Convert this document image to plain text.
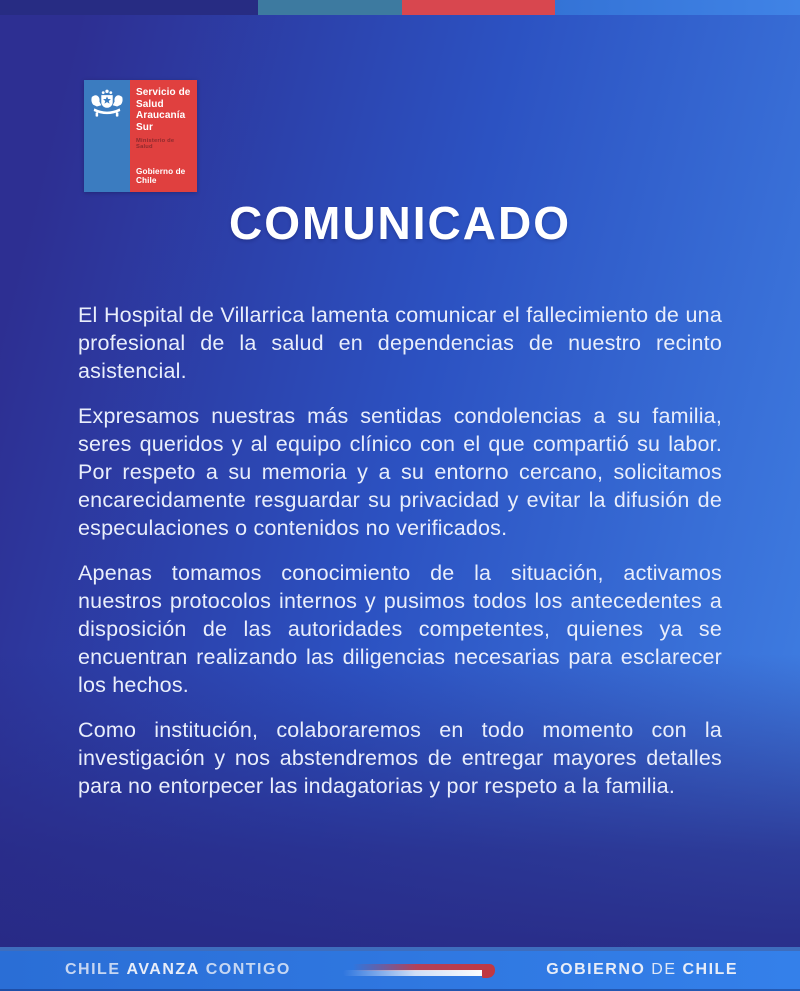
Servicio de
Salud
Araucanía Sur
Ministerio de Salud
Gobierno de Chile
COMUNICADO

El Hospital de Villarrica lamenta comunicar el fallecimiento de una profesional de la salud en dependencias de nuestro recinto asistencial.

Expresamos nuestras más sentidas condolencias a su familia, seres queridos y al equipo clínico con el que compartió su labor. Por respeto a su memoria y a su entorno cercano, solicitamos encarecidamente resguardar su privacidad y evitar la difusión de especulaciones o contenidos no verificados.

Apenas tomamos conocimiento de la situación, activamos nuestros protocolos internos y pusimos todos los antecedentes a disposición de las autoridades competentes, quienes ya se encuentran realizando las diligencias necesarias para esclarecer los hechos.

Como institución, colaboraremos en todo momento con la investigación y nos abstendremos de entregar mayores detalles para no entorpecer las indagatorias y por respeto a la familia.

CHILE AVANZA CONTIGO	GOBIERNO DE CHILE
